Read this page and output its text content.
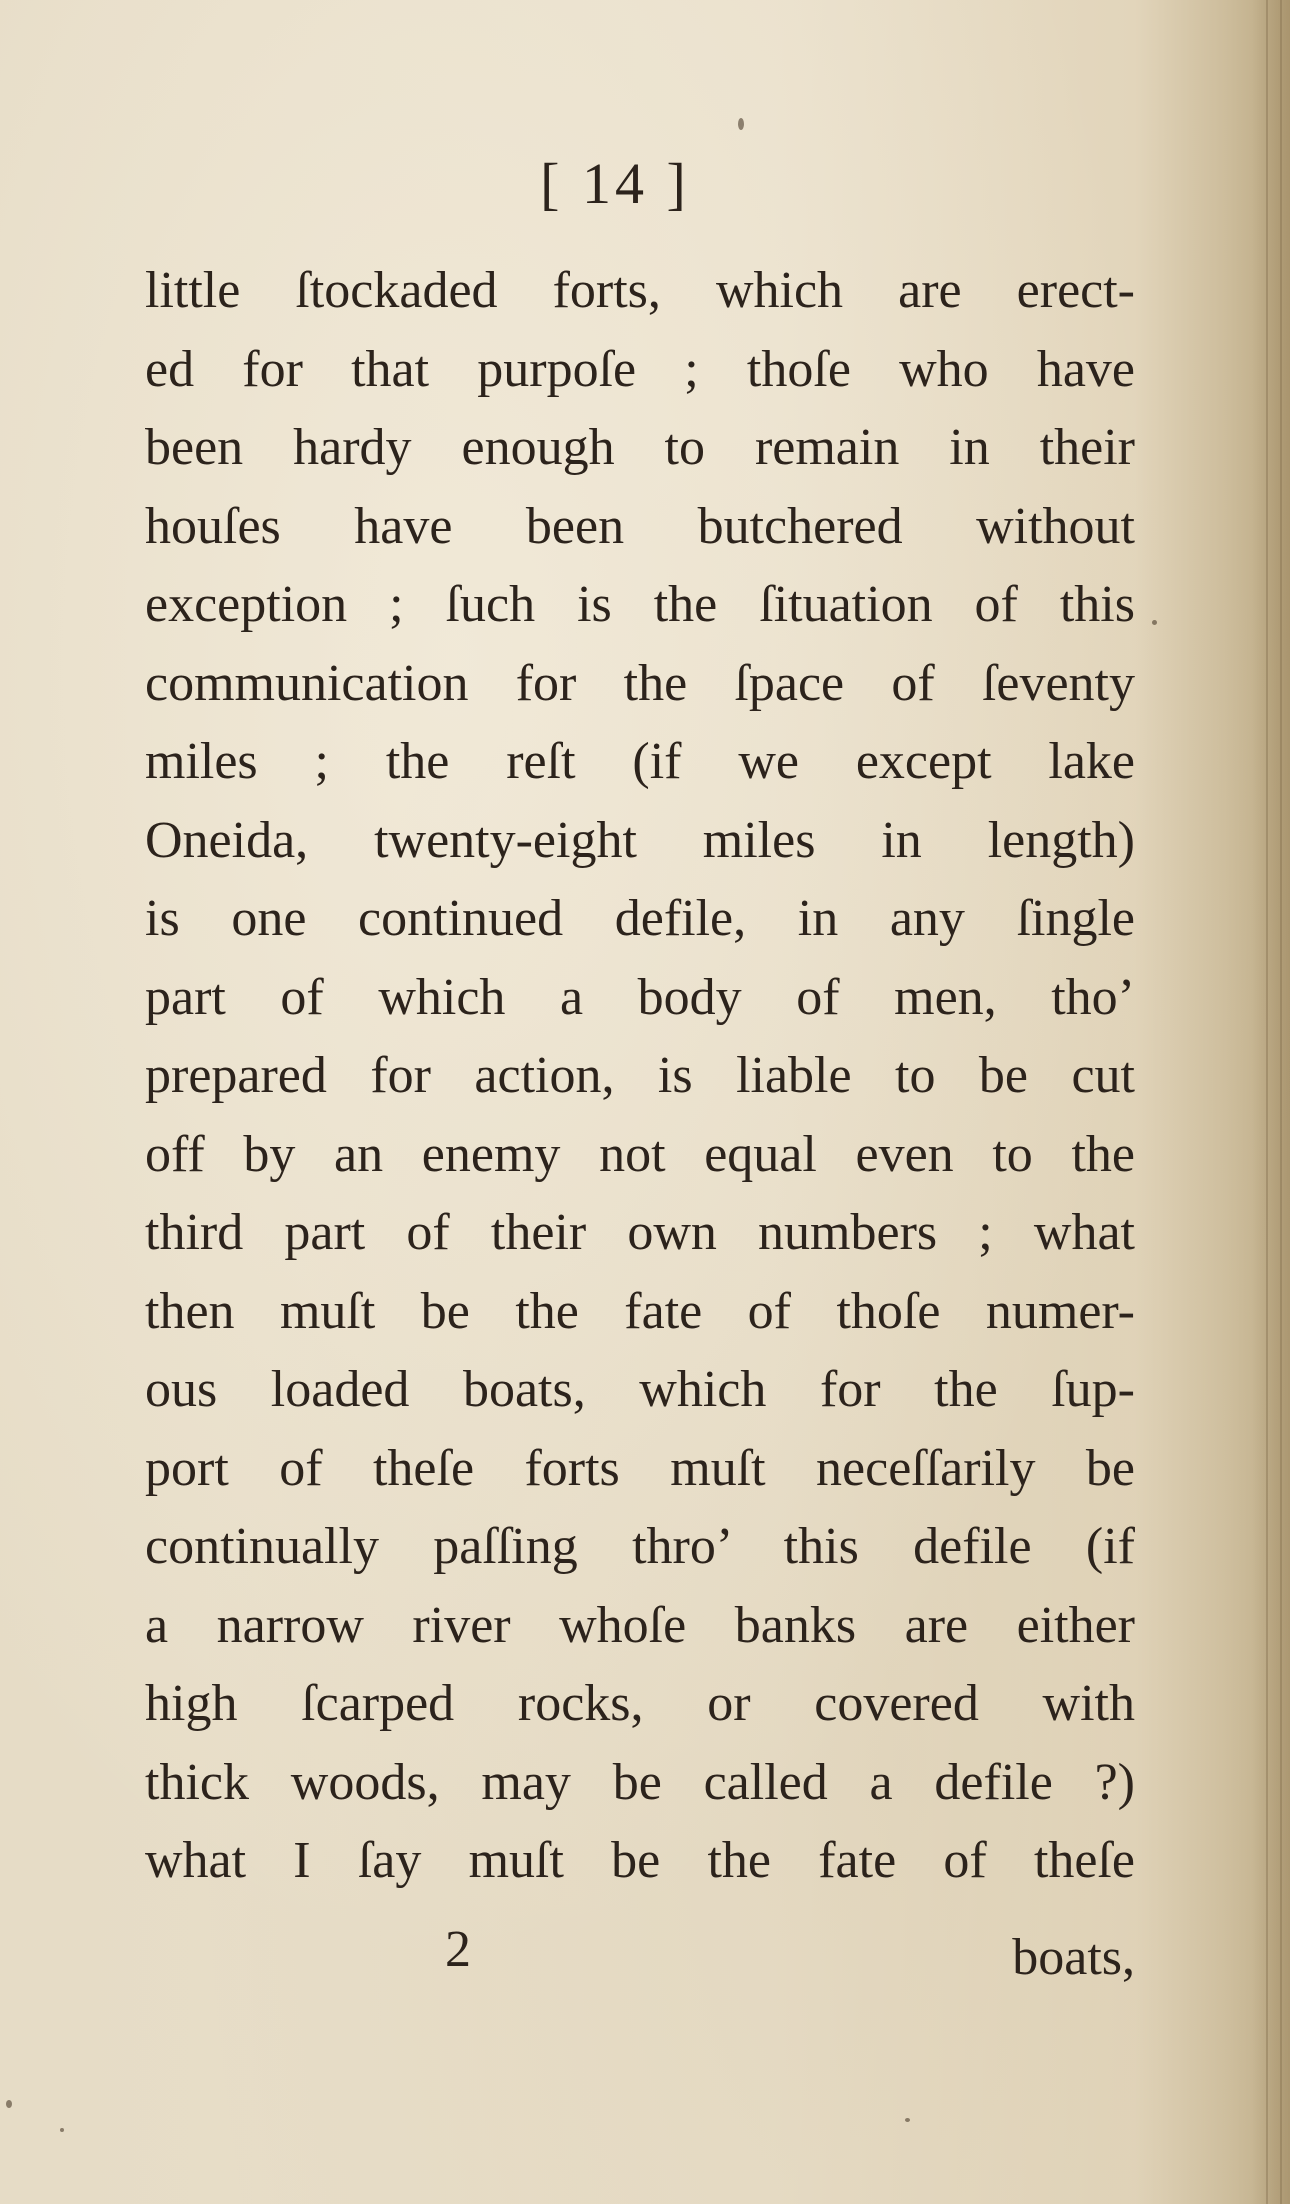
[ 14 ]
little ſtockaded forts, which are erect-
ed for that purpoſe ; thoſe who have
been hardy enough to remain in their
houſes have been butchered without
exception ; ſuch is the ſituation of this
communication for the ſpace of ſeventy
miles ; the reſt (if we except lake
Oneida, twenty-eight miles in length)
is one continued defile, in any ſingle
part of which a body of men, tho’
prepared for action, is liable to be cut
off by an enemy not equal even to the
third part of their own numbers ; what
then muſt be the fate of thoſe numer-
ous loaded boats, which for the ſup-
port of theſe forts muſt neceſſarily be
continually paſſing thro’ this defile (if
a narrow river whoſe banks are either
high ſcarped rocks, or covered with
thick woods, may be called a defile ?)
what I ſay muſt be the fate of theſe
2	boats,
